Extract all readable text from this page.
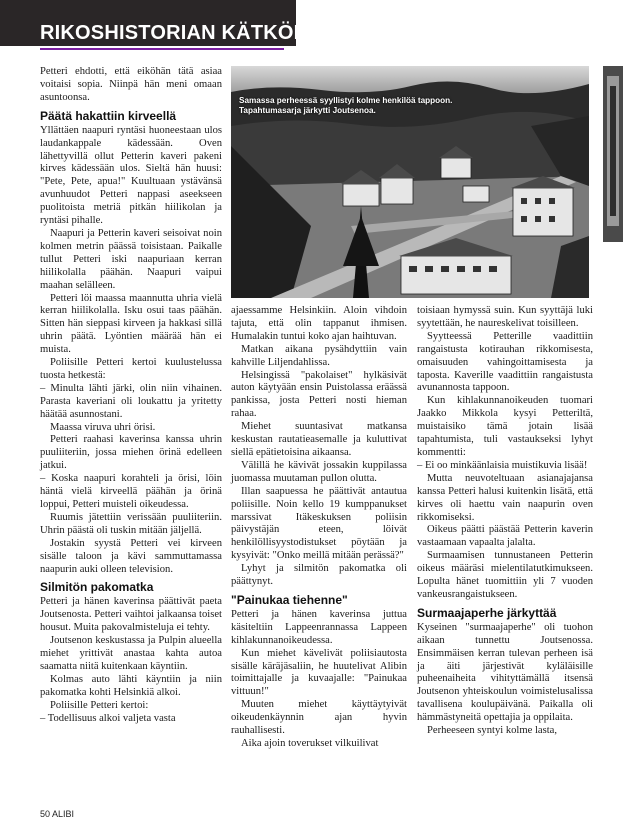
RIKOSHISTORIAN KÄTKÖISTÄ

Petteri ehdotti, että eiköhän tätä asiaa voitaisi sopia. Niinpä hän meni omaan asuntoonsa.

Päätä hakattiin kirveellä

Yllättäen naapuri ryntäsi huoneestaan ulos laudankappale kädessään. Oven lähettyvillä ollut Petterin kaveri pakeni kirves kädessään ulos. Sieltä hän huusi: "Pete, Pete, apua!" Kuultuaan ystävänsä avunhuudot Petteri nappasi aseekseen puolitoista metriä pitkän hiilikolan ja ryntäsi pihalle.

Naapuri ja Petterin kaveri seisoivat noin kolmen metrin päässä toisistaan. Paikalle tullut Petteri iski naapuriaan kerran hiilikolalla päähän. Naapuri vaipui maahan selälleen.

Petteri löi maassa maannutta uhria vielä kerran hiilikolalla. Isku osui taas päähän. Sitten hän sieppasi kirveen ja hakkasi sillä uhrin päätä. Lyöntien määrää hän ei muista.

Poliisille Petteri kertoi kuulustelussa tuosta hetkestä:

– Minulta lähti järki, olin niin vihainen. Parasta kaveriani oli loukattu ja yritetty häätää asunnostani.

Maassa viruva uhri örisi.

Petteri raahasi kaverinsa kanssa uhrin puuliiteriin, jossa miehen örinä edelleen jatkui.

– Koska naapuri korahteli ja örisi, löin häntä vielä kirveellä päähän ja örinä loppui, Petteri muisteli oikeudessa.

Ruumis jätettiin verissään puuliiteriin. Uhrin päästä oli tuskin mitään jäljellä.

Jostakin syystä Petteri vei kirveen sisälle taloon ja kävi sammuttamassa naapurin auki olleen television.

Silmitön pakomatka

Petteri ja hänen kaverinsa päättivät paeta Joutsenosta. Petteri vaihtoi jalkaansa toiset housut. Muita pakovalmisteluja ei tehty.

Joutsenon keskustassa ja Pulpin alueella miehet yrittivät anastaa kahta autoa saamatta niitä kuitenkaan käyntiin.

Kolmas auto lähti käyntiin ja niin pakomatka kohti Helsinkiä alkoi.

Poliisille Petteri kertoi:

– Todellisuus alkoi valjeta vasta

Samassa perheessä syyllistyi kolme henkilöä tappoon. Tapahtumasarja järkytti Joutsenoa.

ajaessamme Helsinkiin. Aloin vihdoin tajuta, että olin tappanut ihmisen. Humalakin tuntui koko ajan haihtuvan.

Matkan aikana pysähdyttiin vain kahville Liljendahlissa.

Helsingissä "pakolaiset" hylkäsivät auton käytyään ensin Puistolassa eräässä pankissa, josta Petteri nosti hieman rahaa.

Miehet suuntasivat matkansa keskustan rautatieasemalle ja kuluttivat siellä epätietoisina aikaansa.

Välillä he kävivät jossakin kuppilassa juomassa muutaman pullon olutta.

Illan saapuessa he päättivät antautua poliisille. Noin kello 19 kumppanukset marssivat Itäkeskuksen poliisin päivystäjän eteen, löivät henkilöllisyystodistukset pöytään ja kysyivät: "Onko meillä mitään perässä?"

Lyhyt ja silmitön pakomatka oli päättynyt.

"Painukaa tiehenne"

Petteri ja hänen kaverinsa juttua käsiteltiin Lappeenrannassa Lappeen kihlakunnanoikeudessa.

Kun miehet kävelivät poliisiautosta sisälle käräjäsaliin, he huutelivat Alibin toimittajalle ja kuvaajalle: "Painukaa vittuun!"

Muuten miehet käyttäytyivät oikeudenkäynnin ajan hyvin rauhallisesti.

Aika ajoin toverukset vilkuilivat

toisiaan hymyssä suin. Kun syyttäjä luki syytettään, he naureskelivat toisilleen.

Syytteessä Petterille vaadittiin rangaistusta kotirauhan rikkomisesta, omaisuuden vahingoittamisesta ja taposta. Kaverille vaadittiin rangaistusta avunannosta tappoon.

Kun kihlakunnanoikeuden tuomari Jaakko Mikkola kysyi Petteriltä, muistaisiko tämä jotain lisää tapahtumista, tuli vastaukseksi lyhyt kommentti:

– Ei oo minkäänlaisia muistikuvia lisää!

Mutta neuvoteltuaan asianajajansa kanssa Petteri halusi kuitenkin lisätä, että kirves oli haettu vain naapurin oven rikkomiseksi.

Oikeus päätti päästää Petterin kaverin vastaamaan vapaalta jalalta.

Surmaamisen tunnustaneen Petterin oikeus määräsi mielentilatutkimukseen. Lopulta hänet tuomittiin yli 7 vuoden vankeusrangaistukseen.

Surmaajaperhe järkyttää

Kyseinen "surmaajaperhe" oli tuohon aikaan tunnettu Joutsenossa. Ensimmäisen kerran tulevan perheen isä ja äiti järjestivät kyläläisille puheenaiheita vihityttämällä itsensä Joutsenon yhteiskoulun voimistelusalissa tavallisena koulupäivänä. Paikalla oli hämmästyneitä opettajia ja oppilaita.

Perheeseen syntyi kolme lasta,

50 ALIBI
